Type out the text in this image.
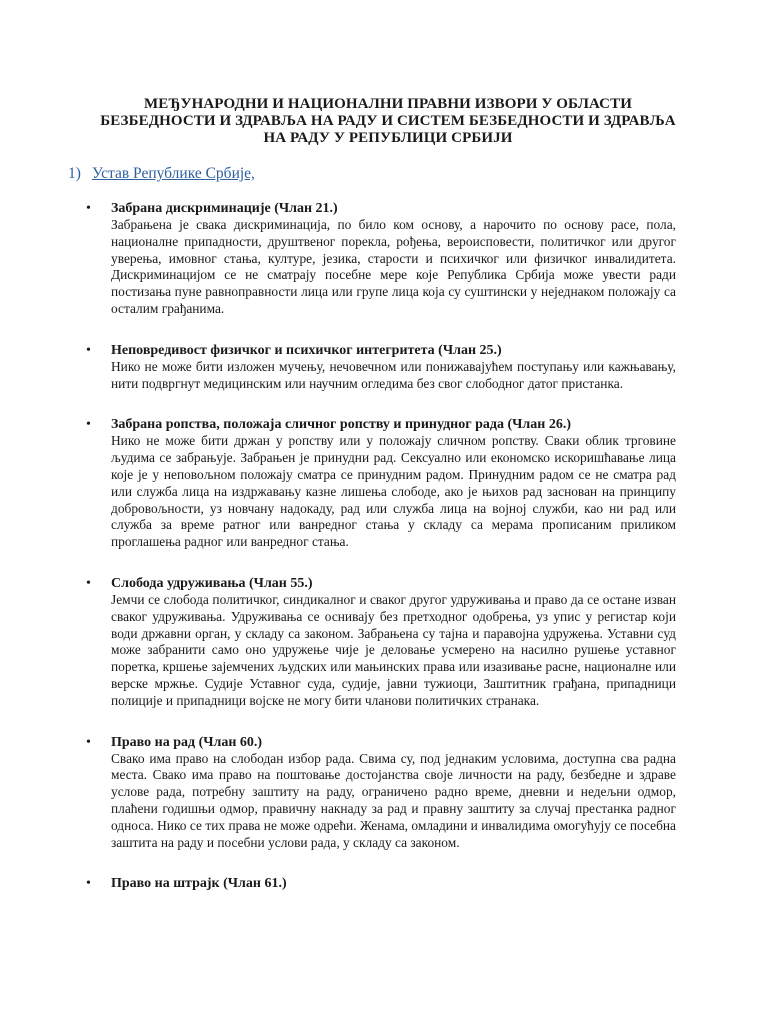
МЕЂУНАРОДНИ И НАЦИОНАЛНИ ПРАВНИ ИЗВОРИ У ОБЛАСТИ БЕЗБЕДНОСТИ И ЗДРАВЉА НА РАДУ И СИСТЕМ БЕЗБЕДНОСТИ И ЗДРАВЉА НА РАДУ У РЕПУБЛИЦИ СРБИЈИ
1) Устав Републике Србије,
• Забрана дискриминације (Члан 21.)
Забрањена је свака дискриминација, по било ком основу, а нарочито по основу расе, пола, националне припадности, друштвеног порекла, рођења, вероисповести, политичког или другог уверења, имовног стања, културе, језика, старости и психичког или физичког инвалидитета. Дискриминацијом се не сматрају посебне мере које Република Србија може увести ради постизања пуне равноправности лица или групе лица која су суштински у неједнаком положају са осталим грађанима.
• Неповредивост физичког и психичког интегритета (Члан 25.)
Нико не може бити изложен мучењу, нечовечном или понижавајућем поступању или кажњавању, нити подвргнут медицинским или научним огледима без свог слободног датог пристанка.
• Забрана ропства, положаја сличног ропству и принудног рада (Члан 26.)
Нико не може бити држан у ропству или у положају сличном ропству. Сваки облик трговине људима се забрањује. Забрањен је принудни рад. Сексуално или економско искоришћавање лица које је у неповољном положају сматра се принудним радом. Принудним радом се не сматра рад или служба лица на издржавању казне лишења слободе, ако је њихов рад заснован на принципу добровољности, уз новчану надокаду, рад или служба лица на војној служби, као ни рад или служба за време ратног или ванредног стања у складу са мерама прописаним приликом проглашења радног или ванредног стања.
• Слобода удруживања (Члан 55.)
Јемчи се слобода политичког, синдикалног и сваког другог удруживања и право да се остане изван сваког удруживања. Удруживања се оснивају без претходног одобрења, уз упис у регистар који води државни орган, у складу са законом. Забрањена су тајна и паравојна удружења. Уставни суд може забранити само оно удружење чије је деловање усмерено на насилно рушење уставног поретка, кршење зајемчених људских или мањинских права или изазивање расне, националне или верске мржње. Судије Уставног суда, судије, јавни тужиоци, Заштитник грађана, припадници полиције и припадници војске не могу бити чланови политичких странака.
• Право на рад (Члан 60.)
Свако има право на слободан избор рада. Свима су, под једнаким условима, доступна сва радна места. Свако има право на поштовање достојанства своје личности на раду, безбедне и здраве услове рада, потребну заштиту на раду, ограничено радно време, дневни и недељни одмор, плаћени годишњи одмор, правичну накнаду за рад и правну заштиту за случај престанка радног односа. Нико се тих права не може одрећи. Женама, омладини и инвалидима омогућују се посебна заштита на раду и посебни услови рада, у складу са законом.
• Право на штрајк (Члан 61.)
